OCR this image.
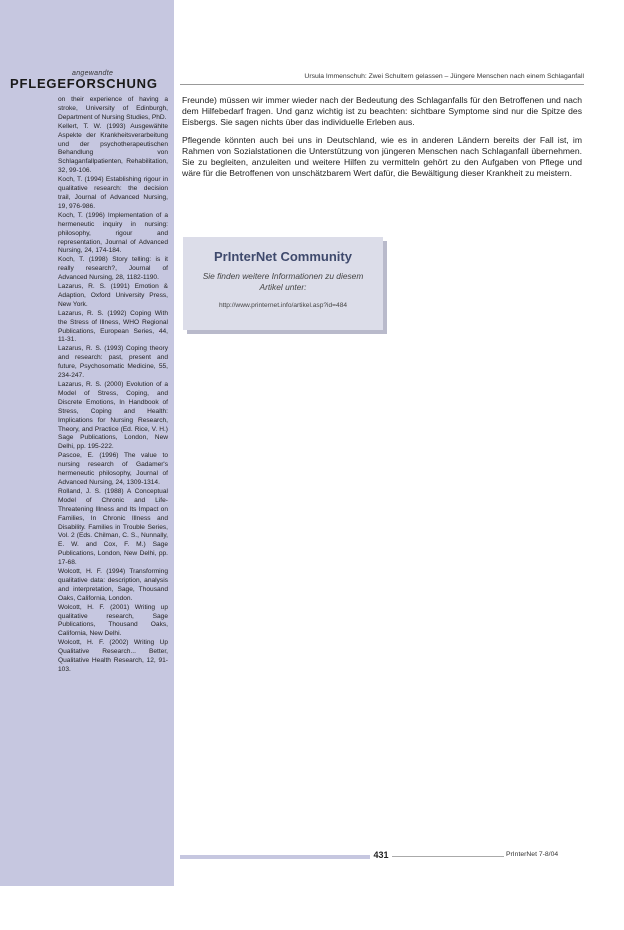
angewandte
PFLEGEFORSCHUNG	Ursula Immenschuh: Zwei Schultern gelassen – Jüngere Menschen nach einem Schlaganfall
on their experience of having a stroke, University of Edinburgh, Department of Nursing Studies, PhD.
Kellert, T. W. (1993) Ausgewählte Aspekte der Krankheitsverarbeitung und der psychotherapeutischen Behandlung von Schlaganfallpatienten, Rehabilitation, 32, 99-106.
Koch, T. (1994) Establishing rigour in qualitative research: the decision trail, Journal of Advanced Nursing, 19, 976-986.
Koch, T. (1996) Implementation of a hermeneutic inquiry in nursing: philosophy, rigour and representation, Journal of Advanced Nursing, 24, 174-184.
Koch, T. (1998) Story telling: is it really research?, Journal of Advanced Nursing, 28, 1182-1190.
Lazarus, R. S. (1991) Emotion & Adaption, Oxford University Press, New York.
Lazarus, R. S. (1992) Coping With the Stress of Illness, WHO Regional Publications, European Series, 44, 11-31.
Lazarus, R. S. (1993) Coping theory and research: past, present and future, Psychosomatic Medicine, 55, 234-247.
Lazarus, R. S. (2000) Evolution of a Model of Stress, Coping, and Discrete Emotions, In Handbook of Stress, Coping and Health: Implications for Nursing Research, Theory, and Practice (Ed. Rice, V. H.) Sage Publications, London, New Delhi, pp. 195-222.
Pascoe, E. (1996) The value to nursing research of Gadamer's hermeneutic philosophy, Journal of Advanced Nursing, 24, 1309-1314.
Rolland, J. S. (1988) A Conceptual Model of Chronic and Life-Threatening Illness and Its Impact on Families, In Chronic Illness and Disability. Families in Trouble Series, Vol. 2 (Eds. Chilman, C. S., Nunnally, E. W. and Cox, F. M.) Sage Publications, London, New Delhi, pp. 17-68.
Wolcott, H. F. (1994) Transforming qualitative data: description, analysis and interpretation, Sage, Thousand Oaks, California, London.
Wolcott, H. F. (2001) Writing up qualitative research, Sage Publications, Thousand Oaks, California, New Delhi.
Wolcott, H. F. (2002) Writing Up Qualitative Research... Better, Qualitative Health Research, 12, 91-103.

Freunde) müssen wir immer wieder nach der Bedeutung des Schlaganfalls für den Betroffenen und nach dem Hilfebedarf fragen. Und ganz wichtig ist zu beachten: sichtbare Symptome sind nur die Spitze des Eisbergs. Sie sagen nichts über das individuelle Erleben aus.

Pflegende könnten auch bei uns in Deutschland, wie es in anderen Ländern bereits der Fall ist, im Rahmen von Sozialstationen die Unterstützung von jüngeren Menschen nach Schlaganfall übernehmen. Sie zu begleiten, anzuleiten und weitere Hilfen zu vermitteln gehört zu den Aufgaben von Pflege und wäre für die Betroffenen von unschätzbarem Wert dafür, die Bewältigung dieser Krankheit zu meistern.

PrInterNet Community
Sie finden weitere Informationen zu diesem Artikel unter:
http://www.printernet.info/artikel.asp?id=484
431	PrInterNet 7-8/04
